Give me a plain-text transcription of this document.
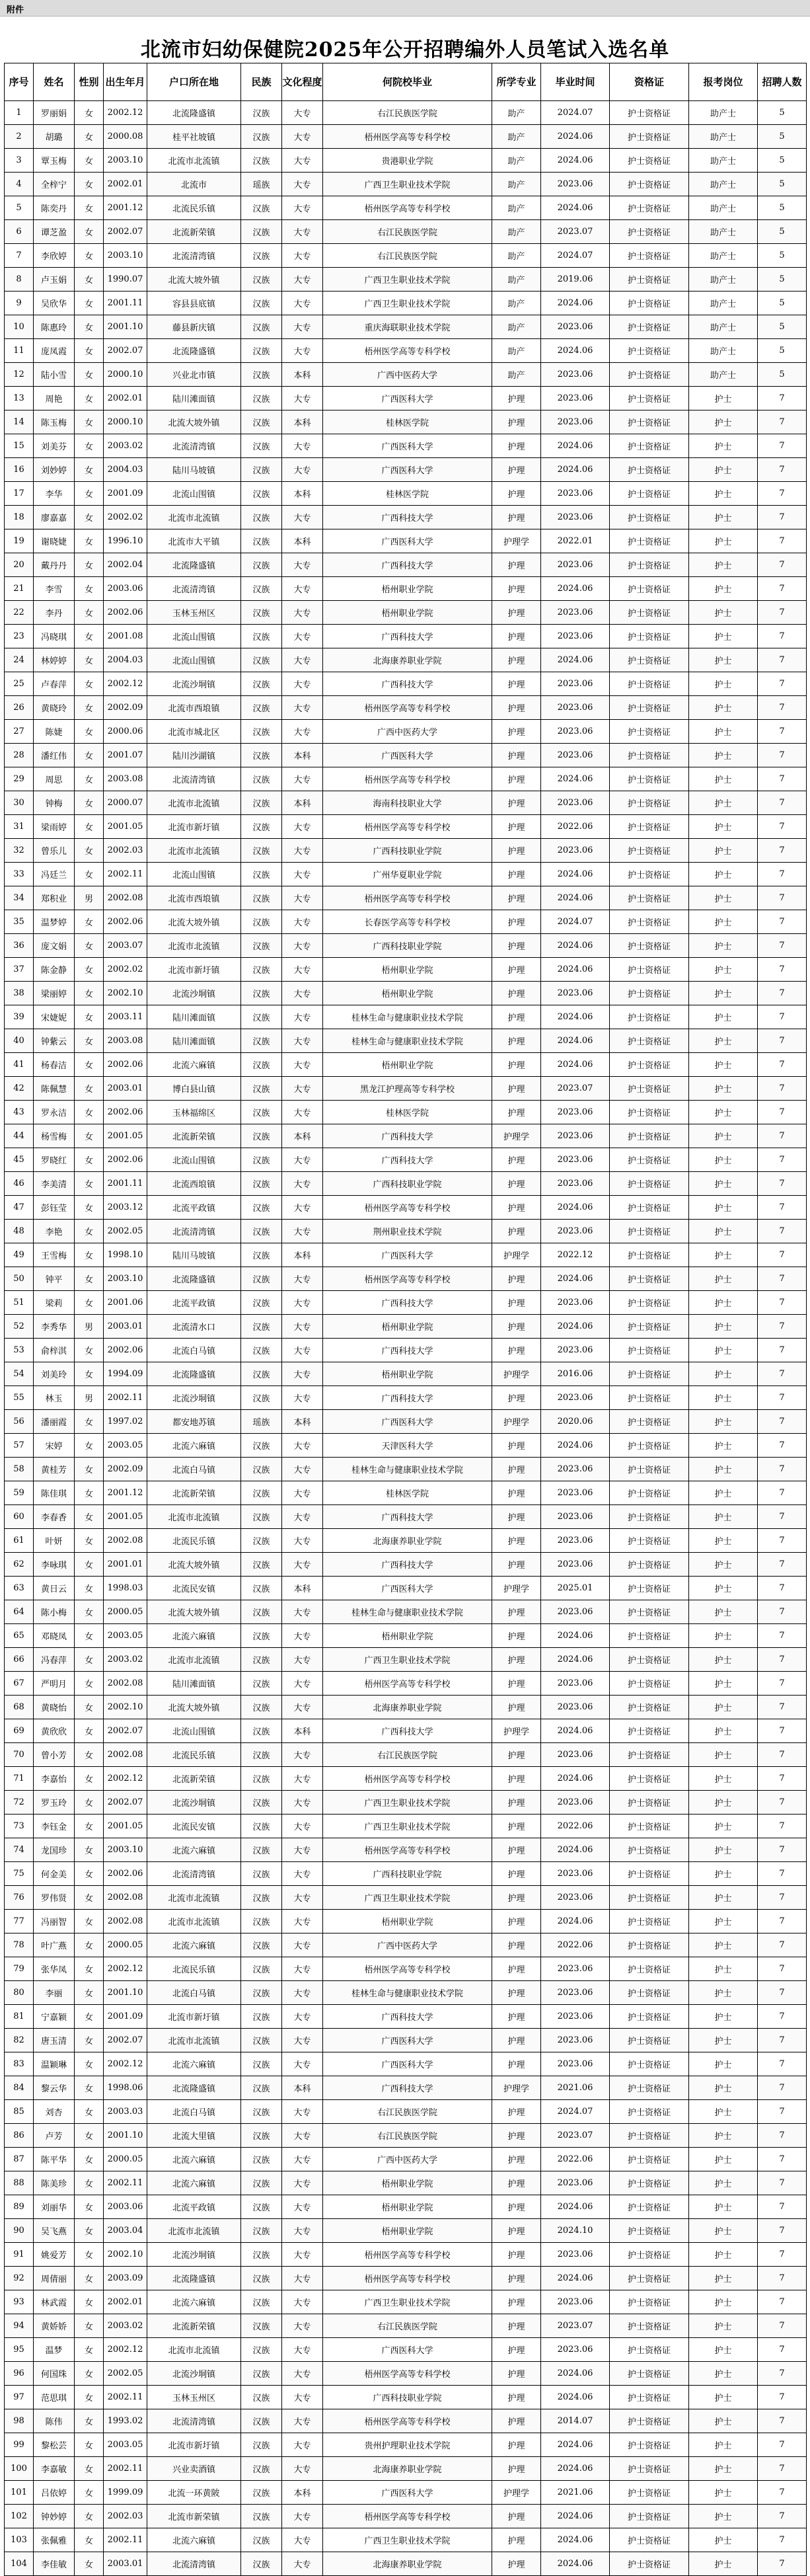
附件
北流市妇幼保健院2025年公开招聘编外人员笔试入选名单
序号	姓名	性别	出生年月	户口所在地	民族	文化程度	何院校毕业	所学专业	毕业时间	资格证	报考岗位	招聘人数
1	罗丽娟	女	2002.12	北流隆盛镇	汉族	大专	右江民族医学院	助产	2024.07	护士资格证	助产士	5
2	胡璐	女	2000.08	桂平社坡镇	汉族	大专	梧州医学高等专科学校	助产	2024.06	护士资格证	助产士	5
3	覃玉梅	女	2003.10	北流市北流镇	汉族	大专	贵港职业学院	助产	2024.06	护士资格证	助产士	5
4	全梓宁	女	2002.01	北流市	瑶族	大专	广西卫生职业技术学院	助产	2023.06	护士资格证	助产士	5
5	陈奕丹	女	2001.12	北流民乐镇	汉族	大专	梧州医学高等专科学校	助产	2024.06	护士资格证	助产士	5
6	谭芝盈	女	2002.07	北流新荣镇	汉族	大专	右江民族医学院	助产	2023.07	护士资格证	助产士	5
7	李欣婷	女	2003.10	北流清湾镇	汉族	大专	右江民族医学院	助产	2024.07	护士资格证	助产士	5
8	卢玉娟	女	1990.07	北流大坡外镇	汉族	大专	广西卫生职业技术学院	助产	2019.06	护士资格证	助产士	5
9	吴欣华	女	2001.11	容县县底镇	汉族	大专	广西卫生职业技术学院	助产	2024.06	护士资格证	助产士	5
10	陈惠玲	女	2001.10	藤县新庆镇	汉族	大专	重庆海联职业技术学院	助产	2023.06	护士资格证	助产士	5
11	庞凤霞	女	2002.07	北流隆盛镇	汉族	大专	梧州医学高等专科学校	助产	2024.06	护士资格证	助产士	5
12	陆小雪	女	2000.10	兴业北市镇	汉族	本科	广西中医药大学	助产	2023.06	护士资格证	助产士	5
13	周艳	女	2002.01	陆川滩面镇	汉族	大专	广西医科大学	护理	2023.06	护士资格证	护士	7
14	陈玉梅	女	2000.10	北流大坡外镇	汉族	本科	桂林医学院	护理	2023.06	护士资格证	护士	7
15	刘美芬	女	2003.02	北流清湾镇	汉族	大专	广西医科大学	护理	2024.06	护士资格证	护士	7
16	刘妙婷	女	2004.03	陆川马坡镇	汉族	大专	广西医科大学	护理	2024.06	护士资格证	护士	7
17	李华	女	2001.09	北流山围镇	汉族	本科	桂林医学院	护理	2023.06	护士资格证	护士	7
18	廖嘉嘉	女	2002.02	北流市北流镇	汉族	大专	广西科技大学	护理	2023.06	护士资格证	护士	7
19	谢晓婕	女	1996.10	北流市大平镇	汉族	本科	广西医科大学	护理学	2022.01	护士资格证	护士	7
20	戴丹丹	女	2002.04	北流隆盛镇	汉族	大专	广西科技大学	护理	2023.06	护士资格证	护士	7
21	李雪	女	2003.06	北流清湾镇	汉族	大专	梧州职业学院	护理	2024.06	护士资格证	护士	7
22	李丹	女	2002.06	玉林玉州区	汉族	大专	梧州职业学院	护理	2023.06	护士资格证	护士	7
23	冯晓琪	女	2001.08	北流山围镇	汉族	大专	广西科技大学	护理	2023.06	护士资格证	护士	7
24	林婷婷	女	2004.03	北流山围镇	汉族	大专	北海康养职业学院	护理	2024.06	护士资格证	护士	7
25	卢春萍	女	2002.12	北流沙垌镇	汉族	大专	广西科技大学	护理	2023.06	护士资格证	护士	7
26	黄晓玲	女	2002.09	北流市西埌镇	汉族	大专	梧州医学高等专科学校	护理	2023.06	护士资格证	护士	7
27	陈婕	女	2000.06	北流市城北区	汉族	大专	广西中医药大学	护理	2023.06	护士资格证	护士	7
28	潘红伟	女	2001.07	陆川沙湖镇	汉族	本科	广西医科大学	护理	2023.06	护士资格证	护士	7
29	周思	女	2003.08	北流清湾镇	汉族	大专	梧州医学高等专科学校	护理	2024.06	护士资格证	护士	7
30	钟梅	女	2000.07	北流市北流镇	汉族	本科	海南科技职业大学	护理	2023.06	护士资格证	护士	7
31	梁雨婷	女	2001.05	北流市新圩镇	汉族	大专	梧州医学高等专科学校	护理	2022.06	护士资格证	护士	7
32	曾乐儿	女	2002.03	北流市北流镇	汉族	大专	广西科技职业学院	护理	2023.06	护士资格证	护士	7
33	冯廷兰	女	2002.11	北流山围镇	汉族	大专	广州华夏职业学院	护理	2024.06	护士资格证	护士	7
34	郑积业	男	2002.08	北流市西埌镇	汉族	大专	梧州医学高等专科学校	护理	2024.06	护士资格证	护士	7
35	温梦婷	女	2002.06	北流大坡外镇	汉族	大专	长春医学高等专科学校	护理	2024.07	护士资格证	护士	7
36	庞文娟	女	2003.07	北流市北流镇	汉族	大专	广西科技职业学院	护理	2024.06	护士资格证	护士	7
37	陈金静	女	2002.02	北流市新圩镇	汉族	大专	梧州职业学院	护理	2024.06	护士资格证	护士	7
38	梁丽婷	女	2002.10	北流沙垌镇	汉族	大专	梧州职业学院	护理	2023.06	护士资格证	护士	7
39	宋婕妮	女	2003.11	陆川滩面镇	汉族	大专	桂林生命与健康职业技术学院	护理	2024.06	护士资格证	护士	7
40	钟紫云	女	2003.08	陆川滩面镇	汉族	大专	桂林生命与健康职业技术学院	护理	2024.06	护士资格证	护士	7
41	杨春洁	女	2002.06	北流六麻镇	汉族	大专	梧州职业学院	护理	2024.06	护士资格证	护士	7
42	陈佩慧	女	2003.01	博白县山镇	汉族	大专	黑龙江护理高等专科学校	护理	2023.07	护士资格证	护士	7
43	罗永洁	女	2002.06	玉林福绵区	汉族	大专	桂林医学院	护理	2023.06	护士资格证	护士	7
44	杨雪梅	女	2001.05	北流新荣镇	汉族	本科	广西科技大学	护理学	2023.06	护士资格证	护士	7
45	罗晓红	女	2002.06	北流山围镇	汉族	大专	广西科技大学	护理	2023.06	护士资格证	护士	7
46	李美清	女	2001.11	北流西埌镇	汉族	大专	广西科技职业学院	护理	2023.06	护士资格证	护士	7
47	彭钰莹	女	2003.12	北流平政镇	汉族	大专	梧州医学高等专科学校	护理	2024.06	护士资格证	护士	7
48	李艳	女	2002.05	北流清湾镇	汉族	大专	荆州职业技术学院	护理	2023.06	护士资格证	护士	7
49	王雪梅	女	1998.10	陆川马坡镇	汉族	本科	广西医科大学	护理学	2022.12	护士资格证	护士	7
50	钟平	女	2003.10	北流隆盛镇	汉族	大专	梧州医学高等专科学校	护理	2024.06	护士资格证	护士	7
51	梁莉	女	2001.06	北流平政镇	汉族	大专	广西科技大学	护理	2023.06	护士资格证	护士	7
52	李秀华	男	2003.01	北流清水口	汉族	大专	梧州职业学院	护理	2024.06	护士资格证	护士	7
53	俞梓淇	女	2002.06	北流白马镇	汉族	大专	广西科技大学	护理	2023.06	护士资格证	护士	7
54	刘美玲	女	1994.09	北流隆盛镇	汉族	大专	梧州职业学院	护理学	2016.06	护士资格证	护士	7
55	林玉	男	2002.11	北流沙垌镇	汉族	大专	广西科技大学	护理	2023.06	护士资格证	护士	7
56	潘丽霞	女	1997.02	都安地苏镇	瑶族	本科	广西医科大学	护理学	2020.06	护士资格证	护士	7
57	宋婷	女	2003.05	北流六麻镇	汉族	大专	天津医科大学	护理	2024.06	护士资格证	护士	7
58	黄桂芳	女	2002.09	北流白马镇	汉族	大专	桂林生命与健康职业技术学院	护理	2023.06	护士资格证	护士	7
59	陈佳琪	女	2001.12	北流新荣镇	汉族	大专	桂林医学院	护理	2023.06	护士资格证	护士	7
60	李春香	女	2001.05	北流市北流镇	汉族	大专	广西科技大学	护理	2023.06	护士资格证	护士	7
61	叶妍	女	2002.08	北流民乐镇	汉族	大专	北海康养职业学院	护理	2023.06	护士资格证	护士	7
62	李咏琪	女	2001.01	北流大坡外镇	汉族	大专	广西科技大学	护理	2023.06	护士资格证	护士	7
63	黄日云	女	1998.03	北流民安镇	汉族	本科	广西医科大学	护理学	2025.01	护士资格证	护士	7
64	陈小梅	女	2000.05	北流大坡外镇	汉族	大专	桂林生命与健康职业技术学院	护理	2023.06	护士资格证	护士	7
65	邓晓凤	女	2003.05	北流六麻镇	汉族	大专	梧州职业学院	护理	2024.06	护士资格证	护士	7
66	冯春萍	女	2003.02	北流市北流镇	汉族	大专	广西卫生职业技术学院	护理	2024.06	护士资格证	护士	7
67	严明月	女	2002.08	陆川滩面镇	汉族	大专	梧州医学高等专科学校	护理	2023.06	护士资格证	护士	7
68	黄晓怡	女	2002.10	北流大坡外镇	汉族	大专	北海康养职业学院	护理	2023.06	护士资格证	护士	7
69	黄欣欣	女	2002.07	北流山围镇	汉族	本科	广西科技大学	护理学	2024.06	护士资格证	护士	7
70	曾小芳	女	2002.08	北流民乐镇	汉族	大专	右江民族医学院	护理	2023.06	护士资格证	护士	7
71	李嘉怡	女	2002.12	北流新荣镇	汉族	大专	梧州医学高等专科学校	护理	2024.06	护士资格证	护士	7
72	罗玉玲	女	2002.07	北流沙垌镇	汉族	大专	广西卫生职业技术学院	护理	2023.06	护士资格证	护士	7
73	李钰金	女	2001.05	北流民安镇	汉族	大专	广西卫生职业技术学院	护理	2022.06	护士资格证	护士	7
74	龙国珍	女	2003.10	北流六麻镇	汉族	大专	梧州医学高等专科学校	护理	2024.06	护士资格证	护士	7
75	何金美	女	2002.06	北流清湾镇	汉族	大专	广西科技职业学院	护理	2023.06	护士资格证	护士	7
76	罗伟贤	女	2002.08	北流市北流镇	汉族	大专	广西卫生职业技术学院	护理	2023.06	护士资格证	护士	7
77	冯丽智	女	2002.08	北流市北流镇	汉族	大专	梧州职业学院	护理	2024.06	护士资格证	护士	7
78	叶广燕	女	2000.05	北流六麻镇	汉族	大专	广西中医药大学	护理	2022.06	护士资格证	护士	7
79	张华凤	女	2002.12	北流民乐镇	汉族	大专	梧州医学高等专科学校	护理	2023.06	护士资格证	护士	7
80	李丽	女	2001.10	北流白马镇	汉族	大专	桂林生命与健康职业技术学院	护理	2023.06	护士资格证	护士	7
81	宁嘉颖	女	2001.09	北流市新圩镇	汉族	大专	广西科技大学	护理	2023.06	护士资格证	护士	7
82	唐玉清	女	2002.07	北流市北流镇	汉族	大专	广西医科大学	护理	2023.06	护士资格证	护士	7
83	温颖琳	女	2002.12	北流六麻镇	汉族	大专	广西医科大学	护理	2023.06	护士资格证	护士	7
84	黎云华	女	1998.06	北流隆盛镇	汉族	本科	广西科技大学	护理学	2021.06	护士资格证	护士	7
85	刘杏	女	2003.03	北流白马镇	汉族	大专	右江民族医学院	护理	2024.07	护士资格证	护士	7
86	卢芳	女	2001.10	北流大里镇	汉族	大专	右江民族医学院	护理	2023.07	护士资格证	护士	7
87	陈平华	女	2000.05	北流六麻镇	汉族	大专	广西中医药大学	护理	2022.06	护士资格证	护士	7
88	陈美珍	女	2002.11	北流六麻镇	汉族	大专	梧州职业学院	护理	2023.06	护士资格证	护士	7
89	刘丽华	女	2003.06	北流平政镇	汉族	大专	梧州职业学院	护理	2024.06	护士资格证	护士	7
90	吴飞燕	女	2003.04	北流市北流镇	汉族	大专	梧州职业学院	护理	2024.10	护士资格证	护士	7
91	姚爱芳	女	2002.10	北流沙垌镇	汉族	大专	梧州医学高等专科学校	护理	2023.06	护士资格证	护士	7
92	周倩丽	女	2003.09	北流隆盛镇	汉族	大专	梧州医学高等专科学校	护理	2024.06	护士资格证	护士	7
93	林武霞	女	2002.01	北流六麻镇	汉族	大专	广西卫生职业技术学院	护理	2023.06	护士资格证	护士	7
94	黄娇娇	女	2003.02	北流新荣镇	汉族	大专	右江民族医学院	护理	2023.07	护士资格证	护士	7
95	温梦	女	2002.12	北流市北流镇	汉族	大专	广西医科大学	护理	2023.06	护士资格证	护士	7
96	何国珠	女	2002.05	北流沙垌镇	汉族	大专	梧州医学高等专科学校	护理	2024.06	护士资格证	护士	7
97	范思琪	女	2002.11	玉林玉州区	汉族	大专	广西科技职业学院	护理	2024.06	护士资格证	护士	7
98	陈伟	女	1993.02	北流清湾镇	汉族	大专	梧州医学高等专科学校	护理	2014.07	护士资格证	护士	7
99	黎松芸	女	2003.05	北流市新圩镇	汉族	大专	贵州护理职业技术学院	护理	2024.06	护士资格证	护士	7
100	李嘉敏	女	2002.11	兴业卖酒镇	汉族	大专	北海康养职业学院	护理	2024.06	护士资格证	护士	7
101	吕依婷	女	1999.09	北流一环黄陂	汉族	本科	广西医科大学	护理学	2021.06	护士资格证	护士	7
102	钟妙婷	女	2002.03	北流市新荣镇	汉族	大专	梧州医学高等专科学校	护理	2024.06	护士资格证	护士	7
103	张佩雅	女	2002.11	北流六麻镇	汉族	大专	广西卫生职业技术学院	护理	2024.06	护士资格证	护士	7
104	李佳敏	女	2003.01	北流清湾镇	汉族	大专	北海康养职业学院	护理	2024.06	护士资格证	护士	7
